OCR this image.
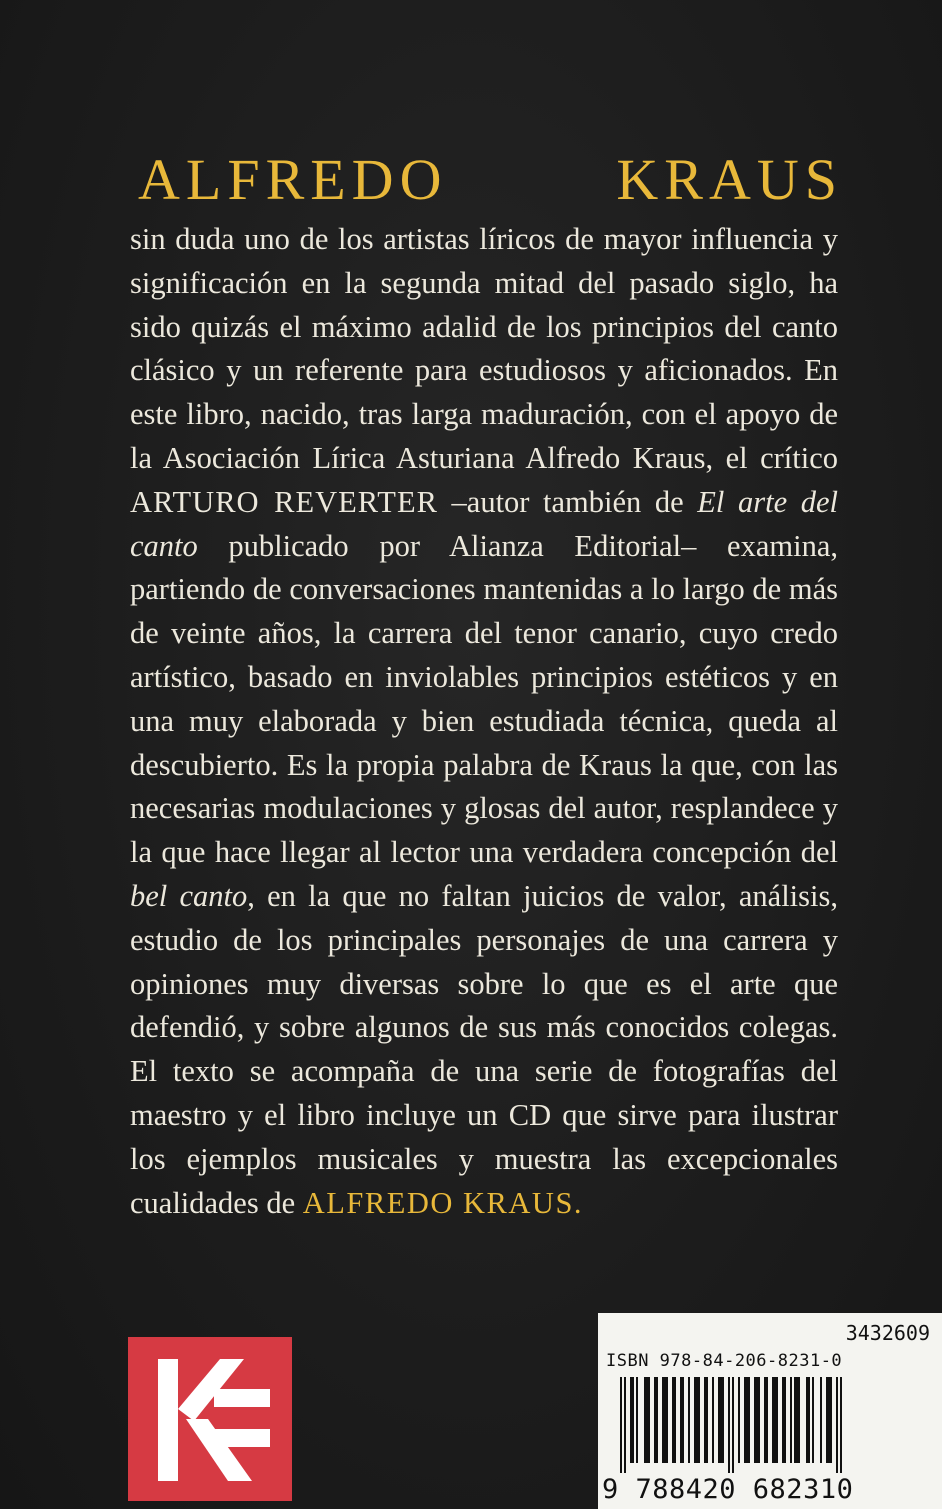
ALFREDO KRAUS

sin duda uno de los artistas líricos de mayor influencia y significación en la segunda mitad del pasado siglo, ha sido quizás el máximo adalid de los principios del canto clásico y un referente para estudiosos y aficionados. En este libro, nacido, tras larga maduración, con el apoyo de la Asociación Lírica Asturiana Alfredo Kraus, el crítico ARTURO REVERTER –autor también de El arte del canto publicado por Alianza Editorial– examina, partiendo de conversaciones mantenidas a lo largo de más de veinte años, la carrera del tenor canario, cuyo credo artístico, basado en inviolables principios estéticos y en una muy elaborada y bien estudiada técnica, queda al descubierto. Es la propia palabra de Kraus la que, con las necesarias modulaciones y glosas del autor, resplandece y la que hace llegar al lector una verdadera concepción del bel canto, en la que no faltan juicios de valor, análisis, estudio de los principales personajes de una carrera y opiniones muy diversas sobre lo que es el arte que defendió, y sobre algunos de sus más conocidos colegas. El texto se acompaña de una serie de fotografías del maestro y el libro incluye un CD que sirve para ilustrar los ejemplos musicales y muestra las excepcionales cualidades de ALFREDO KRAUS.

3432609
ISBN 978-84-206-8231-0
9 788420 682310
